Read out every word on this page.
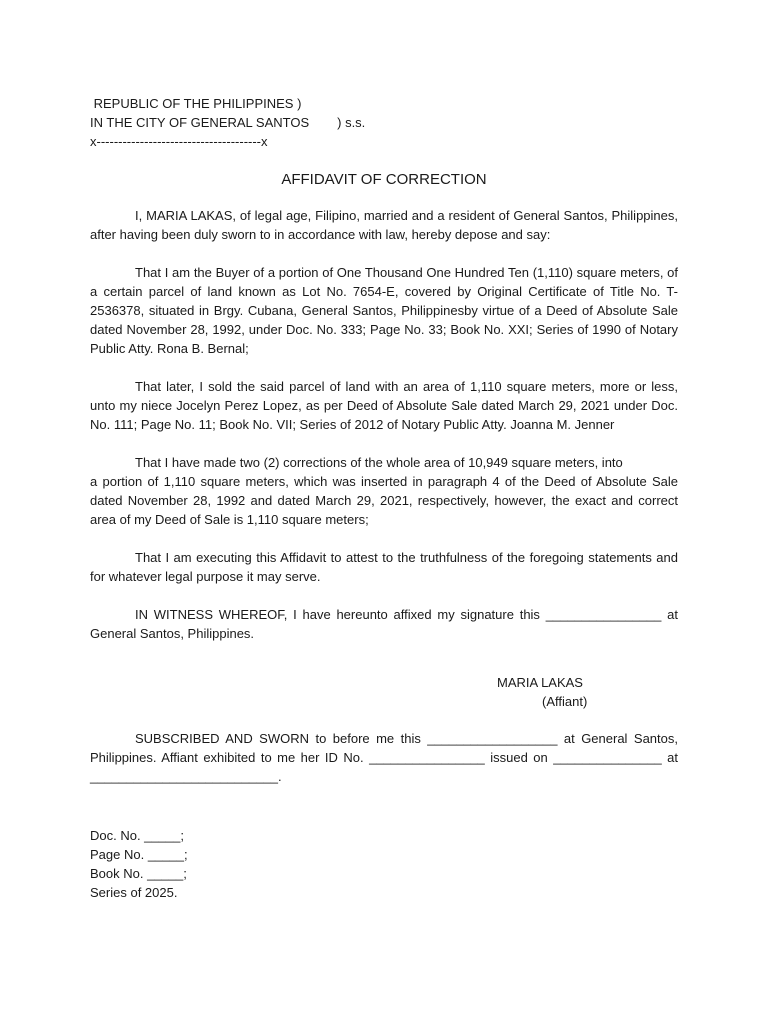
REPUBLIC OF THE PHILIPPINES )

IN THE CITY OF GENERAL SANTOS ) s.s.

x--------------------------------------x

AFFIDAVIT OF CORRECTION

I, MARIA LAKAS, of legal age, Filipino, married and a resident of General Santos, Philippines, after having been duly sworn to in accordance with law, hereby depose and say:

That I am the Buyer of a portion of One Thousand One Hundred Ten (1,110) square meters, of a certain parcel of land known as Lot No. 7654-E, covered by Original Certificate of Title No. T-2536378, situated in Brgy. Cubana, General Santos, Philippinesby virtue of a Deed of Absolute Sale dated November 28, 1992, under Doc. No. 333; Page No. 33; Book No. XXI; Series of 1990 of Notary Public Atty. Rona B. Bernal;

That later, I sold the said parcel of land with an area of 1,110 square meters, more or less, unto my niece Jocelyn Perez Lopez, as per Deed of Absolute Sale dated March 29, 2021 under Doc. No. 111; Page No. 11; Book No. VII; Series of 2012 of Notary Public Atty. Joanna M. Jenner

That I have made two (2) corrections of the whole area of 10,949 square meters, into
a portion of 1,110 square meters, which was inserted in paragraph 4 of the Deed of Absolute Sale dated November 28, 1992 and dated March 29, 2021, respectively, however, the exact and correct area of my Deed of Sale is 1,110 square meters;

That I am executing this Affidavit to attest to the truthfulness of the foregoing statements and for whatever legal purpose it may serve.

IN WITNESS WHEREOF, I have hereunto affixed my signature this ________________ at General Santos, Philippines.

MARIA LAKAS
(Affiant)

SUBSCRIBED AND SWORN to before me this __________________ at General Santos, Philippines. Affiant exhibited to me her ID No. ________________ issued on _______________ at __________________________.

Doc. No. _____;

Page No. _____;

Book No. _____;

Series of 2025.
